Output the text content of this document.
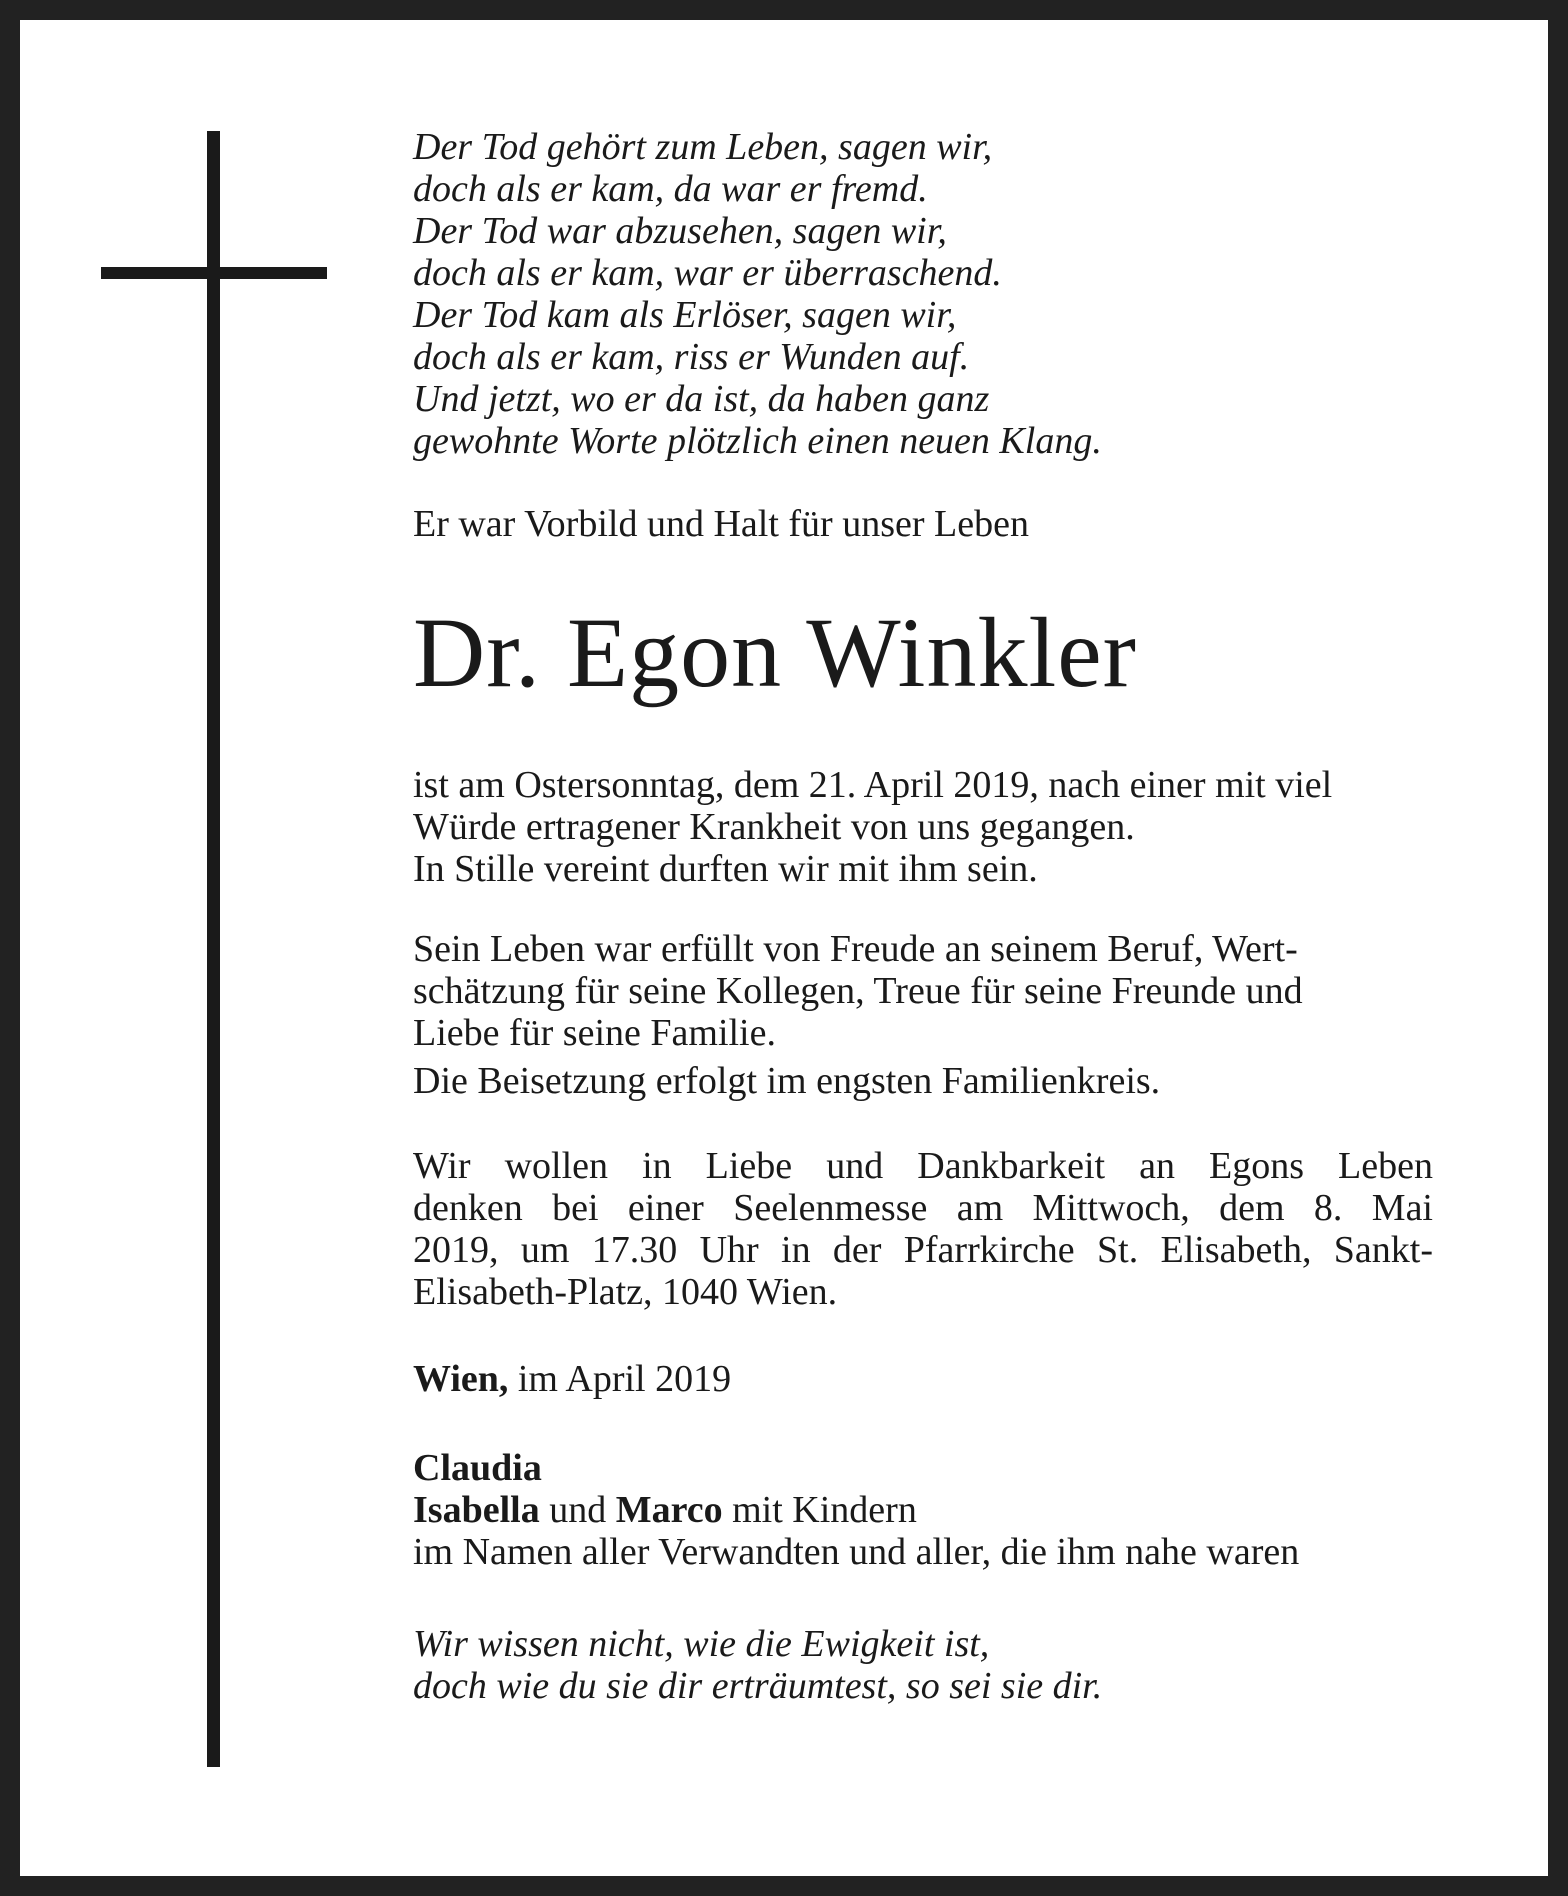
Der Tod gehört zum Leben, sagen wir,
doch als er kam, da war er fremd.
Der Tod war abzusehen, sagen wir,
doch als er kam, war er überraschend.
Der Tod kam als Erlöser, sagen wir,
doch als er kam, riss er Wunden auf.
Und jetzt, wo er da ist, da haben ganz
gewohnte Worte plötzlich einen neuen Klang.

Er war Vorbild und Halt für unser Leben

Dr. Egon Winkler

ist am Ostersonntag, dem 21. April 2019, nach einer mit viel
Würde ertragener Krankheit von uns gegangen.
In Stille vereint durften wir mit ihm sein.

Sein Leben war erfüllt von Freude an seinem Beruf, Wert-
schätzung für seine Kollegen, Treue für seine Freunde und
Liebe für seine Familie.

Die Beisetzung erfolgt im engsten Familienkreis.

Wir wollen in Liebe und Dankbarkeit an Egons Leben
denken bei einer Seelenmesse am Mittwoch, dem 8. Mai
2019, um 17.30 Uhr in der Pfarrkirche St. Elisabeth, Sankt-
Elisabeth-Platz, 1040 Wien.

Wien, im April 2019

Claudia
Isabella und Marco mit Kindern
im Namen aller Verwandten und aller, die ihm nahe waren

Wir wissen nicht, wie die Ewigkeit ist,
doch wie du sie dir erträumtest, so sei sie dir.
